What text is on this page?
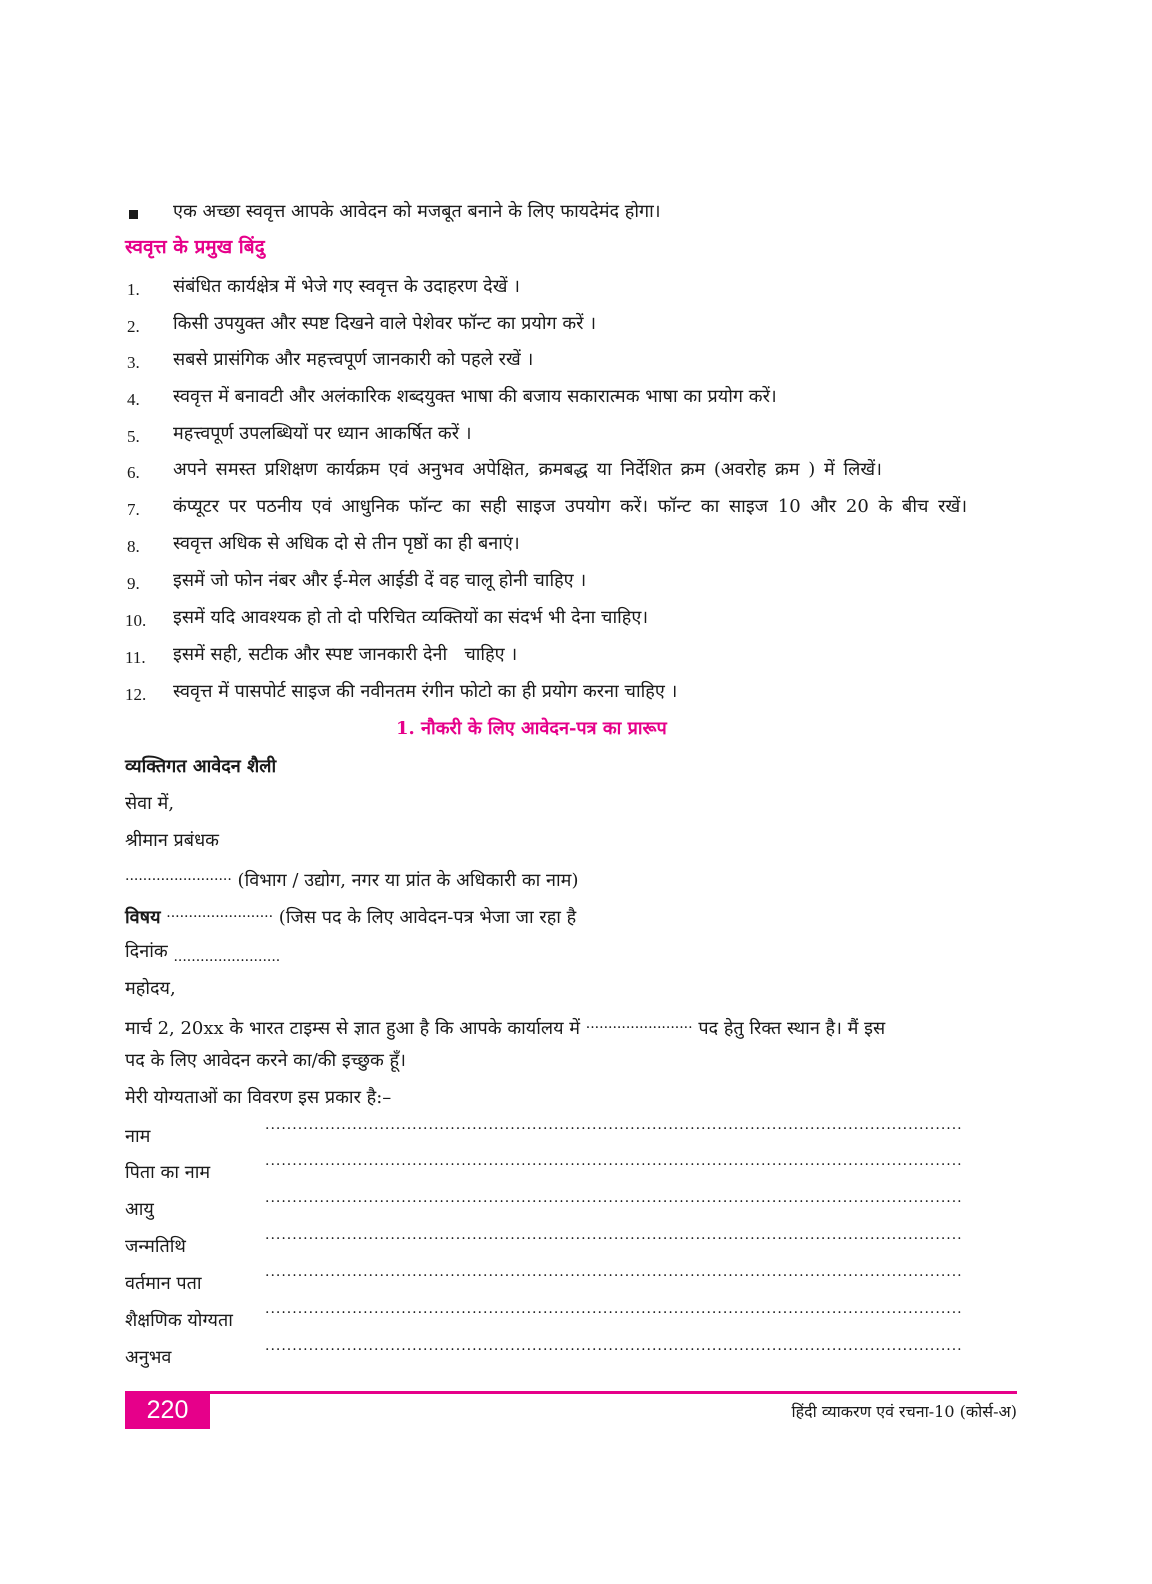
एक अच्छा स्ववृत्त आपके आवेदन को मजबूत बनाने के लिए फायदेमंद होगा।
स्ववृत्त के प्रमुख बिंदु
1. संबंधित कार्यक्षेत्र में भेजे गए स्ववृत्त के उदाहरण देखें ।
2. किसी उपयुक्त और स्पष्ट दिखने वाले पेशेवर फॉन्ट का प्रयोग करें ।
3. सबसे प्रासंगिक और महत्त्वपूर्ण जानकारी को पहले रखें ।
4. स्ववृत्त में बनावटी और अलंकारिक शब्दयुक्त भाषा की बजाय सकारात्मक भाषा का प्रयोग करें।
5. महत्त्वपूर्ण उपलब्धियों पर ध्यान आकर्षित करें ।
6. अपने समस्त प्रशिक्षण कार्यक्रम एवं अनुभव अपेक्षित, क्रमबद्ध या निर्देशित क्रम (अवरोह क्रम ) में लिखें।
7. कंप्यूटर पर पठनीय एवं आधुनिक फॉन्ट का सही साइज उपयोग करें। फॉन्ट का साइज 10 और 20 के बीच रखें।
8. स्ववृत्त अधिक से अधिक दो से तीन पृष्ठों का ही बनाएं।
9. इसमें जो फोन नंबर और ई-मेल आईडी दें वह चालू होनी चाहिए ।
10. इसमें यदि आवश्यक हो तो दो परिचित व्यक्तियों का संदर्भ भी देना चाहिए।
11. इसमें सही, सटीक और स्पष्ट जानकारी देनी   चाहिए ।
12. स्ववृत्त में पासपोर्ट साइज की नवीनतम रंगीन फोटो का ही प्रयोग करना चाहिए ।
1. नौकरी के लिए आवेदन-पत्र का प्रारूप
व्यक्तिगत आवेदन शैली
सेवा में,
श्रीमान प्रबंधक
........................ (विभाग / उद्योग, नगर या प्रांत के अधिकारी का नाम)
विषय ........................ (जिस पद के लिए आवेदन-पत्र भेजा जा रहा है
दिनांक ........................
महोदय,
मार्च 2, 20xx के भारत टाइम्स से ज्ञात हुआ है कि आपके कार्यालय में ........................ पद हेतु रिक्त स्थान है। मैं इस
पद के लिए आवेदन करने का/की इच्छुक हूँ।
मेरी योग्यताओं का विवरण इस प्रकार है:–
नाम
................................................................................................................................
पिता का नाम
................................................................................................................................
आयु
................................................................................................................................
जन्मतिथि
................................................................................................................................
वर्तमान पता
................................................................................................................................
शैक्षणिक योग्यता
................................................................................................................................
अनुभव
................................................................................................................................
220	हिंदी व्याकरण एवं रचना-10 (कोर्स-अ)
